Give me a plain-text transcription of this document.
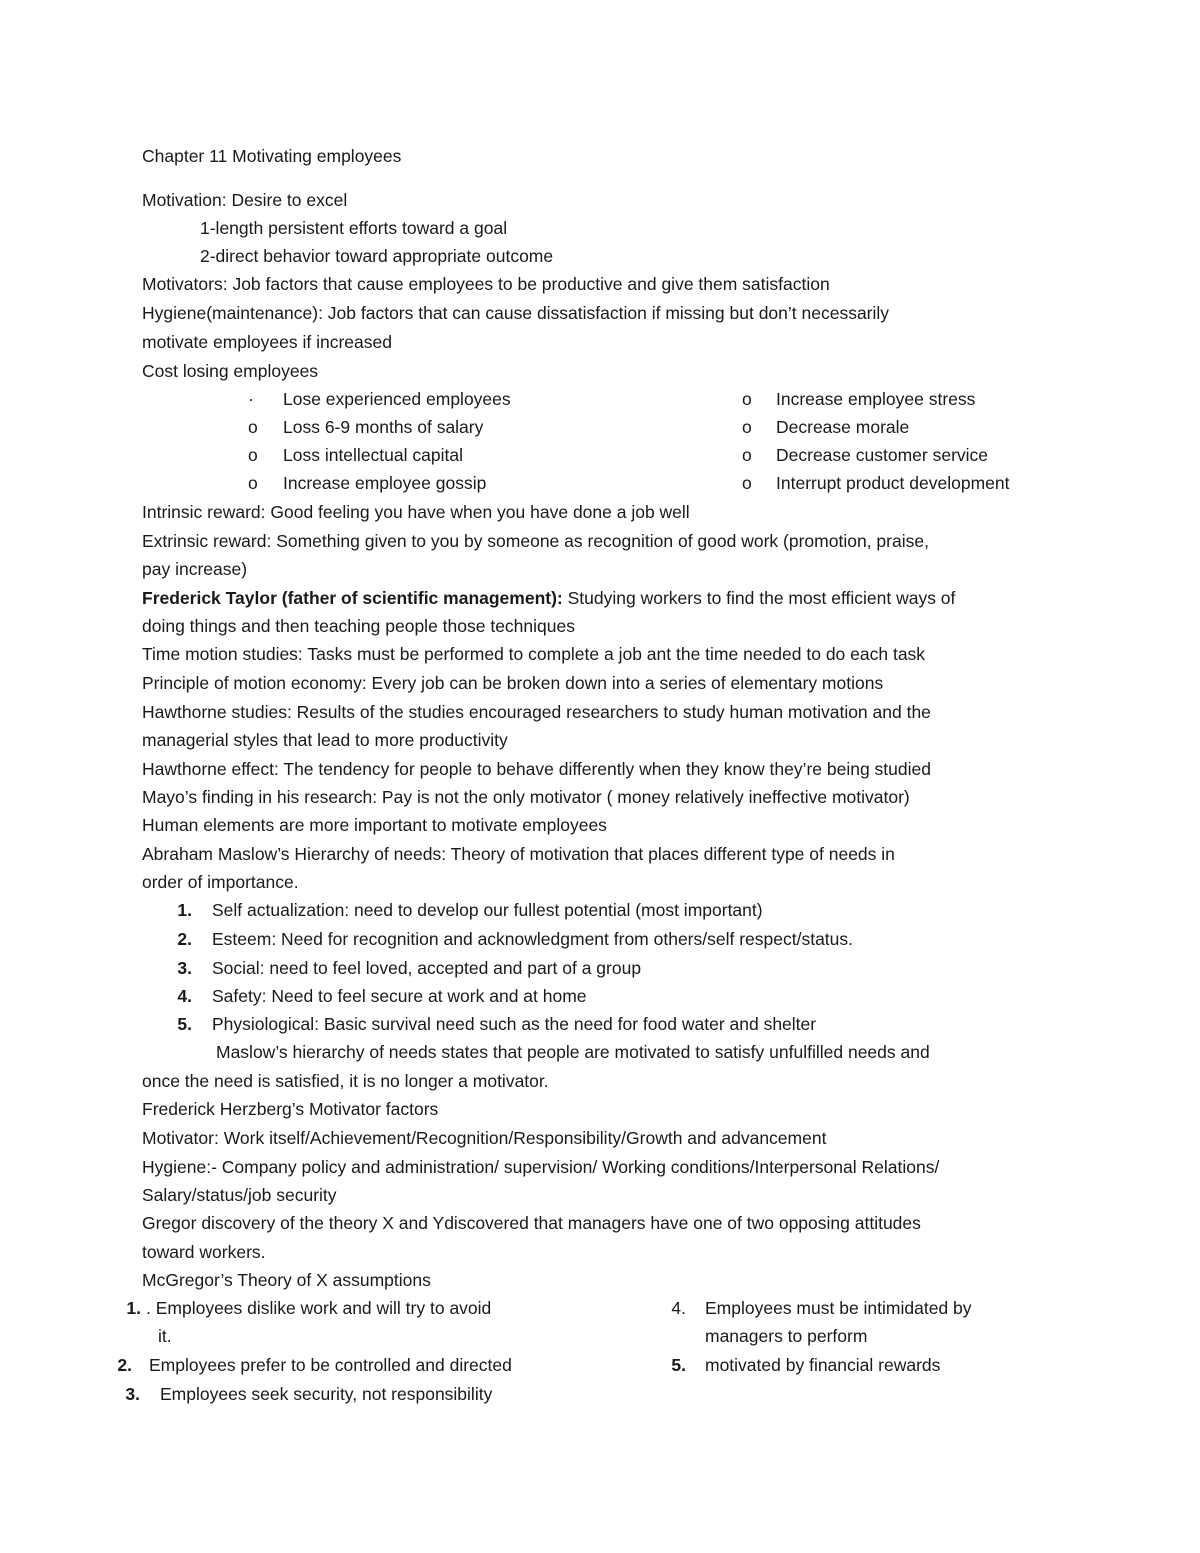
Chapter 11 Motivating employees
Motivation: Desire to excel
1-length persistent efforts toward a goal
2-direct behavior toward appropriate outcome
Motivators: Job factors that cause employees to be productive and give them satisfaction
Hygiene(maintenance): Job factors that can cause dissatisfaction if missing but don’t necessarily
motivate employees if increased
Cost losing employees
· Lose experienced employees
o Loss 6-9 months of salary
o Loss intellectual capital
o Increase employee gossip
o Increase employee stress
o Decrease morale
o Decrease customer service
o Interrupt product development
Intrinsic reward: Good feeling you have when you have done a job well
Extrinsic reward: Something given to you by someone as recognition of good work (promotion, praise,
pay increase)
Frederick Taylor (father of scientific management): Studying workers to find the most efficient ways of
doing things and then teaching people those techniques
Time motion studies: Tasks must be performed to complete a job ant the time needed to do each task
Principle of motion economy: Every job can be broken down into a series of elementary motions
Hawthorne studies: Results of the studies encouraged researchers to study human motivation and the
managerial styles that lead to more productivity
Hawthorne effect: The tendency for people to behave differently when they know they’re being studied
Mayo’s finding in his research: Pay is not the only motivator ( money relatively ineffective motivator)
Human elements are more important to motivate employees
Abraham Maslow’s Hierarchy of needs: Theory of motivation that places different type of needs in
order of importance.
1. Self actualization: need to develop our fullest potential (most important)
2. Esteem: Need for recognition and acknowledgment from others/self respect/status.
3. Social: need to feel loved, accepted and part of a group
4. Safety: Need to feel secure at work and at home
5. Physiological: Basic survival need such as the need for food water and shelter
Maslow’s hierarchy of needs states that people are motivated to satisfy unfulfilled needs and
once the need is satisfied, it is no longer a motivator.
Frederick Herzberg’s Motivator factors
Motivator: Work itself/Achievement/Recognition/Responsibility/Growth and advancement
Hygiene:- Company policy and administration/ supervision/ Working conditions/Interpersonal Relations/
Salary/status/job security
Gregor discovery of the theory X and Ydiscovered that managers have one of two opposing attitudes
toward workers.
McGregor’s Theory of X assumptions
1. . Employees dislike work and will try to avoid
it.
2. Employees prefer to be controlled and directed
3. Employees seek security, not responsibility
4. Employees must be intimidated by
managers to perform
5. motivated by financial rewards
